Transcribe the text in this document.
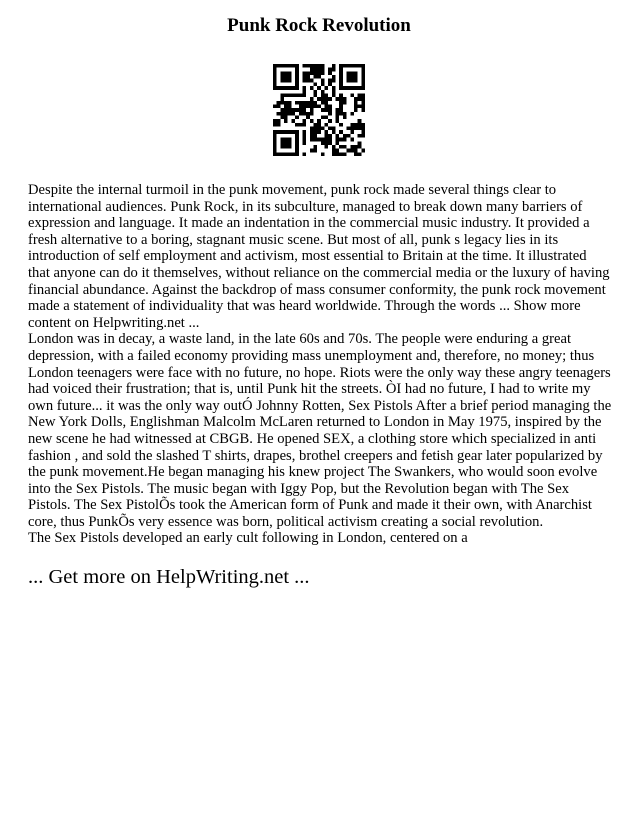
Punk Rock Revolution

Despite the internal turmoil in the punk movement, punk rock made several things clear to international audiences. Punk Rock, in its subculture, managed to break down many barriers of expression and language. It made an indentation in the commercial music industry. It provided a fresh alternative to a boring, stagnant music scene. But most of all, punk s legacy lies in its introduction of self employment and activism, most essential to Britain at the time. It illustrated that anyone can do it themselves, without reliance on the commercial media or the luxury of having financial abundance. Against the backdrop of mass consumer conformity, the punk rock movement made a statement of individuality that was heard worldwide. Through the words ... Show more content on Helpwriting.net ...

London was in decay, a waste land, in the late 60s and 70s. The people were enduring a great depression, with a failed economy providing mass unemployment and, therefore, no money; thus London teenagers were face with no future, no hope. Riots were the only way these angry teenagers had voiced their frustration; that is, until Punk hit the streets. ÒI had no future, I had to write my own future... it was the only way outÓ Johnny Rotten, Sex Pistols After a brief period managing the New York Dolls, Englishman Malcolm McLaren returned to London in May 1975, inspired by the new scene he had witnessed at CBGB. He opened SEX, a clothing store which specialized in anti fashion , and sold the slashed T shirts, drapes, brothel creepers and fetish gear later popularized by the punk movement.He began managing his knew project The Swankers, who would soon evolve into the Sex Pistols. The music began with Iggy Pop, but the Revolution began with The Sex Pistols. The Sex PistolÕs took the American form of Punk and made it their own, with Anarchist core, thus PunkÕs very essence was born, political activism creating a social revolution.

The Sex Pistols developed an early cult following in London, centered on a

... Get more on HelpWriting.net ...
